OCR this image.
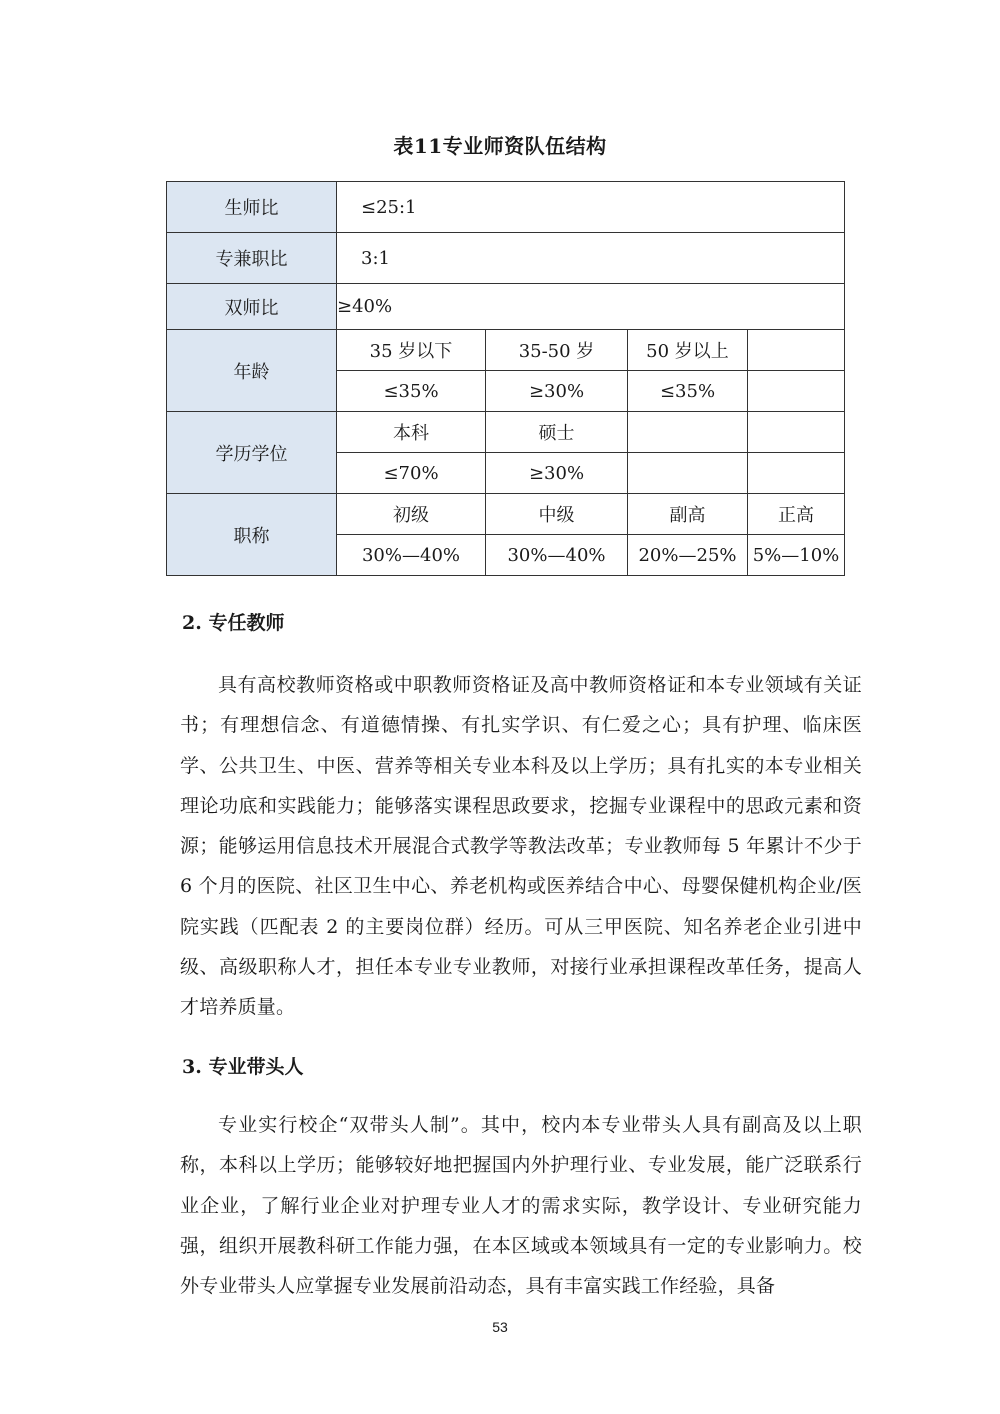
表11专业师资队伍结构
生师比	≤25:1			
专兼职比	3:1			
双师比	≥40%			
年龄	35 岁以下	35-50 岁	50 岁以上	
	≤35%	≥30%	≤35%	
学历学位	本科	硕士		
	≤70%	≥30%		
职称	初级	中级	副高	正高
	30%—40%	30%—40%	20%—25%	5%—10%
2. 专任教师
具有高校教师资格或中职教师资格证及高中教师资格证和本专业领域有关证书；有理想信念、有道德情操、有扎实学识、有仁爱之心；具有护理、临床医学、公共卫生、中医、营养等相关专业本科及以上学历；具有扎实的本专业相关理论功底和实践能力；能够落实课程思政要求，挖掘专业课程中的思政元素和资源；能够运用信息技术开展混合式教学等教法改革；专业教师每 5 年累计不少于 6 个月的医院、社区卫生中心、养老机构或医养结合中心、母婴保健机构企业/医院实践（匹配表 2 的主要岗位群）经历。可从三甲医院、知名养老企业引进中级、高级职称人才，担任本专业专业教师，对接行业承担课程改革任务，提高人才培养质量。
3. 专业带头人
专业实行校企“双带头人制”。其中，校内本专业带头人具有副高及以上职称，本科以上学历；能够较好地把握国内外护理行业、专业发展，能广泛联系行业企业，了解行业企业对护理专业人才的需求实际，教学设计、专业研究能力强，组织开展教科研工作能力强，在本区域或本领域具有一定的专业影响力。校外专业带头人应掌握专业发展前沿动态，具有丰富实践工作经验，具备
53
